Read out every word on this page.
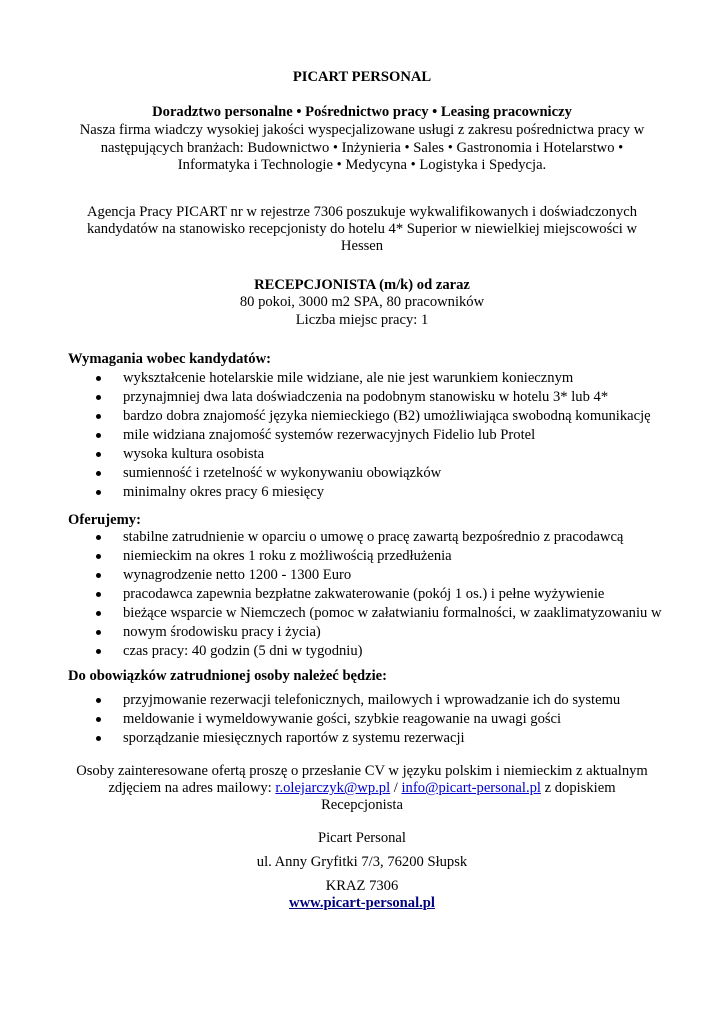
PICART PERSONAL

Doradztwo personalne • Pośrednictwo pracy • Leasing pracowniczy

Nasza firma wiadczy wysokiej jakości wyspecjalizowane usługi z zakresu pośrednictwa pracy w

następujących branżach: Budownictwo • Inżynieria • Sales • Gastronomia i Hotelarstwo •

Informatyka i Technologie • Medycyna • Logistyka i Spedycja.

Agencja Pracy PICART nr w rejestrze 7306 poszukuje wykwalifikowanych i doświadczonych

kandydatów na stanowisko recepcjonisty do hotelu 4* Superior w niewielkiej miejscowości w

Hessen

RECEPCJONISTA (m/k) od zaraz

80 pokoi, 3000 m2 SPA, 80 pracowników

Liczba miejsc pracy: 1

Wymagania wobec kandydatów:

wykształcenie hotelarskie mile widziane, ale nie jest warunkiem koniecznym
przynajmniej dwa lata doświadczenia na podobnym stanowisku w hotelu 3* lub 4*
bardzo dobra znajomość języka niemieckiego (B2) umożliwiająca swobodną komunikację
mile widziana znajomość systemów rezerwacyjnych Fidelio lub Protel
wysoka kultura osobista
sumienność i rzetelność w wykonywaniu obowiązków
minimalny okres pracy 6 miesięcy

Oferujemy:

stabilne zatrudnienie w oparciu o umowę o pracę zawartą bezpośrednio z pracodawcą
niemieckim na okres 1 roku z możliwością przedłużenia
wynagrodzenie netto 1200 - 1300 Euro
pracodawca zapewnia bezpłatne zakwaterowanie (pokój 1 os.) i pełne wyżywienie
bieżące wsparcie w Niemczech (pomoc w załatwianiu formalności, w zaaklimatyzowaniu w
nowym środowisku pracy i życia)
czas pracy: 40 godzin (5 dni w tygodniu)

Do obowiązków zatrudnionej osoby należeć będzie:

przyjmowanie rezerwacji telefonicznych, mailowych i wprowadzanie ich do systemu
meldowanie i wymeldowywanie gości, szybkie reagowanie na uwagi gości
sporządzanie miesięcznych raportów z systemu rezerwacji

Osoby zainteresowane ofertą proszę o przesłanie CV w języku polskim i niemieckim z aktualnym

zdjęciem na adres mailowy: r.olejarczyk@wp.pl / info@picart-personal.pl z dopiskiem

Recepcjonista

Picart Personal

ul. Anny Gryfitki 7/3, 76200 Słupsk

KRAZ 7306

www.picart-personal.pl
